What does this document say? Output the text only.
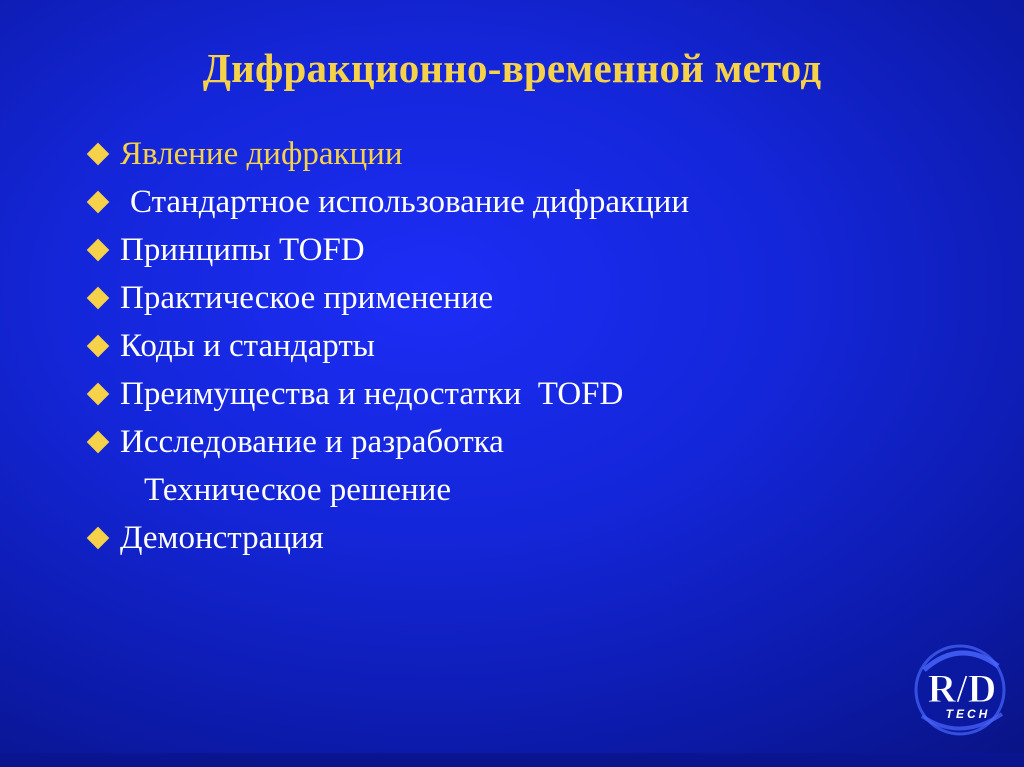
Дифракционно-временной метод
Явление дифракции
Стандартное использование дифракции
Принципы TOFD
Практическое применение
Коды и стандарты
Преимущества и недостатки  TOFD
Исследование и разработка
Техническое решение
Демонстрация
R/D
TECH
